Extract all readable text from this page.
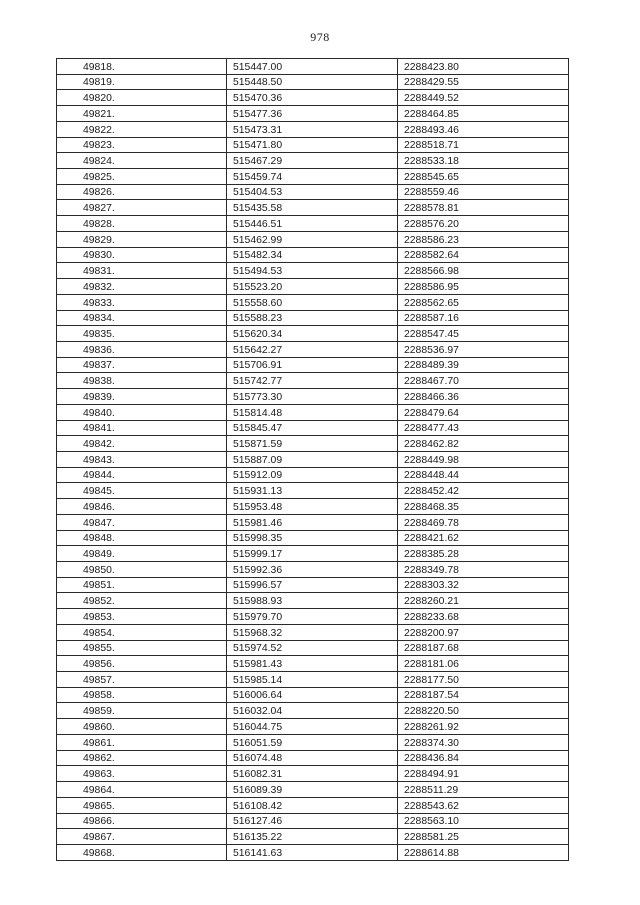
978
49818.	515447.00	2288423.80
49819.	515448.50	2288429.55
49820.	515470.36	2288449.52
49821.	515477.36	2288464.85
49822.	515473.31	2288493.46
49823.	515471.80	2288518.71
49824.	515467.29	2288533.18
49825.	515459.74	2288545.65
49826.	515404.53	2288559.46
49827.	515435.58	2288578.81
49828.	515446.51	2288576.20
49829.	515462.99	2288586.23
49830.	515482.34	2288582.64
49831.	515494.53	2288566.98
49832.	515523.20	2288586.95
49833.	515558.60	2288562.65
49834.	515588.23	2288587.16
49835.	515620.34	2288547.45
49836.	515642.27	2288536.97
49837.	515706.91	2288489.39
49838.	515742.77	2288467.70
49839.	515773.30	2288466.36
49840.	515814.48	2288479.64
49841.	515845.47	2288477.43
49842.	515871.59	2288462.82
49843.	515887.09	2288449.98
49844.	515912.09	2288448.44
49845.	515931.13	2288452.42
49846.	515953.48	2288468.35
49847.	515981.46	2288469.78
49848.	515998.35	2288421.62
49849.	515999.17	2288385.28
49850.	515992.36	2288349.78
49851.	515996.57	2288303.32
49852.	515988.93	2288260.21
49853.	515979.70	2288233.68
49854.	515968.32	2288200.97
49855.	515974.52	2288187.68
49856.	515981.43	2288181.06
49857.	515985.14	2288177.50
49858.	516006.64	2288187.54
49859.	516032.04	2288220.50
49860.	516044.75	2288261.92
49861.	516051.59	2288374.30
49862.	516074.48	2288436.84
49863.	516082.31	2288494.91
49864.	516089.39	2288511.29
49865.	516108.42	2288543.62
49866.	516127.46	2288563.10
49867.	516135.22	2288581.25
49868.	516141.63	2288614.88
